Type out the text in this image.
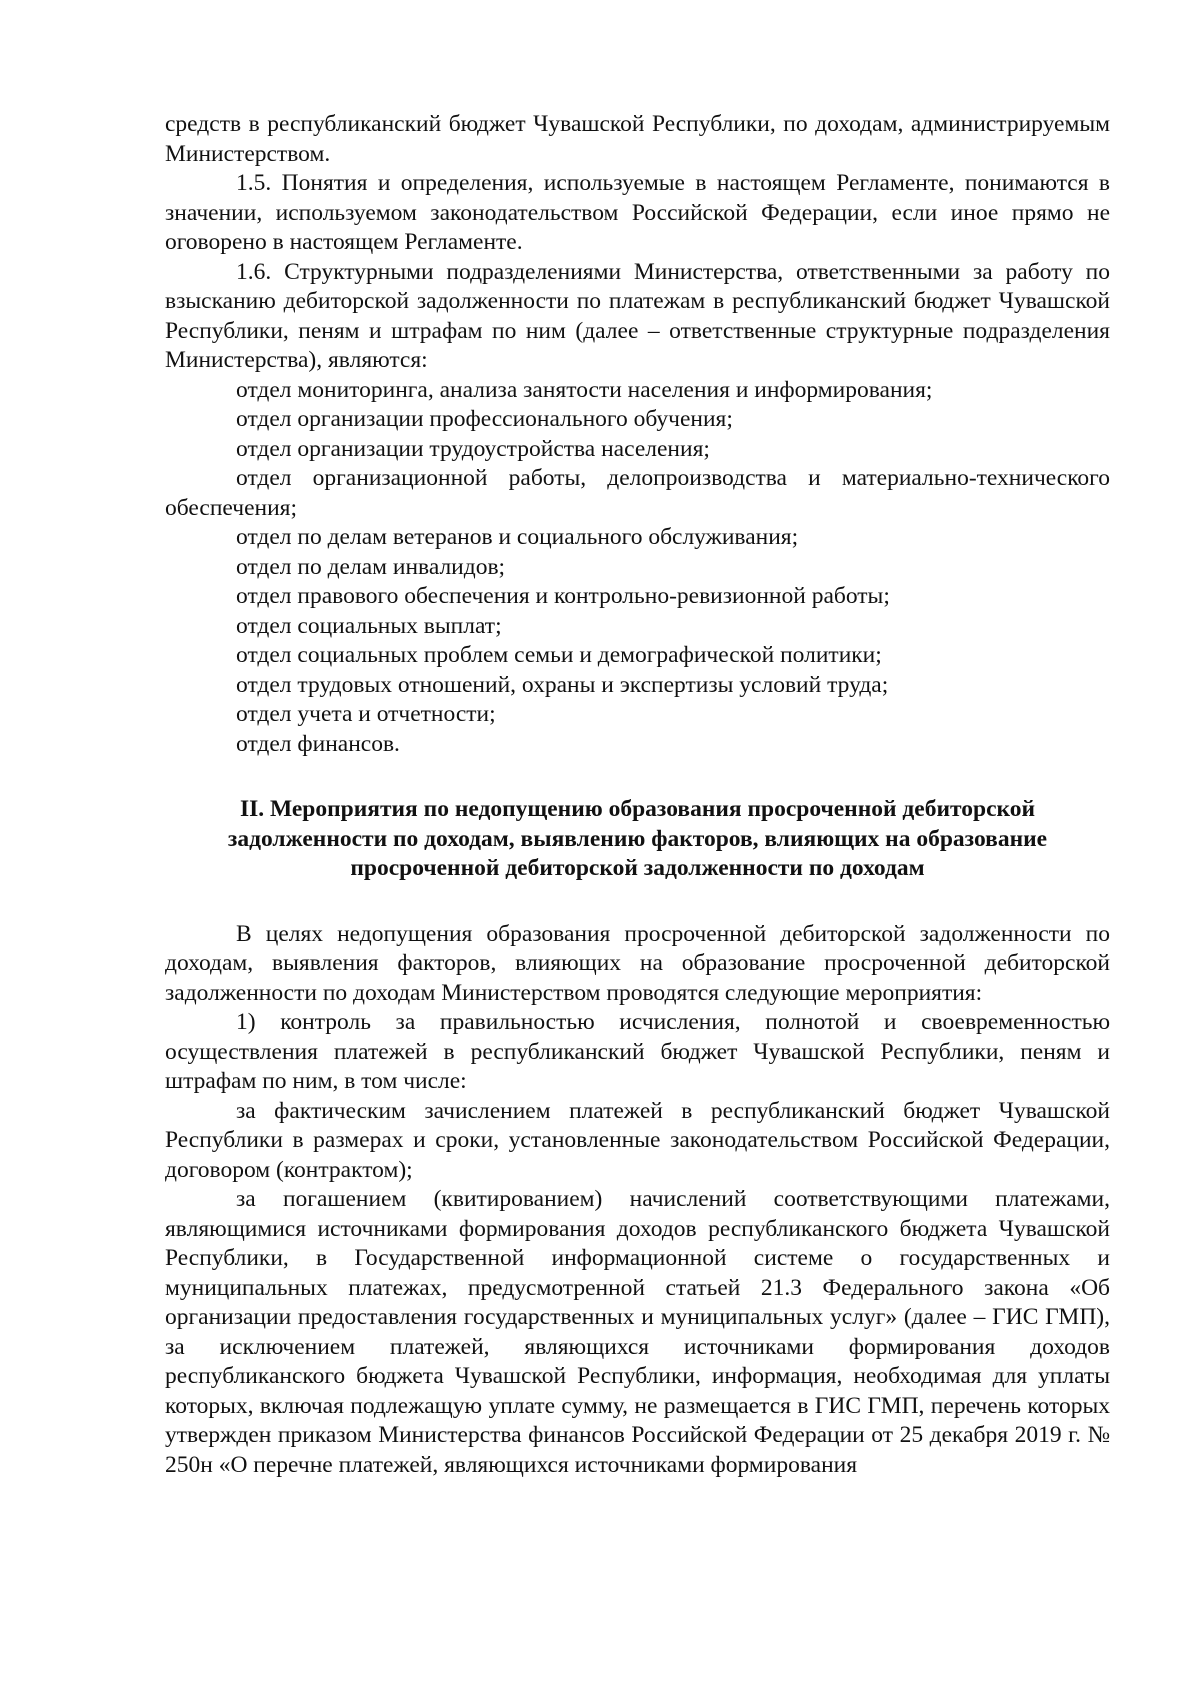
средств в республиканский бюджет Чувашской Республики, по доходам, администрируемым Министерством.

1.5. Понятия и определения, используемые в настоящем Регламенте, понимаются в значении, используемом законодательством Российской Федерации, если иное прямо не оговорено в настоящем Регламенте.

1.6. Структурными подразделениями Министерства, ответственными за работу по взысканию дебиторской задолженности по платежам в республиканский бюджет Чувашской Республики, пеням и штрафам по ним (далее – ответственные структурные подразделения Министерства), являются:

отдел мониторинга, анализа занятости населения и информирования;

отдел организации профессионального обучения;

отдел организации трудоустройства населения;

отдел организационной работы, делопроизводства и материально-технического обеспечения;

отдел по делам ветеранов и социального обслуживания;

отдел по делам инвалидов;

отдел правового обеспечения и контрольно-ревизионной работы;

отдел социальных выплат;

отдел социальных проблем семьи и демографической политики;

отдел трудовых отношений, охраны и экспертизы условий труда;

отдел учета и отчетности;

отдел финансов.

II. Мероприятия по недопущению образования просроченной дебиторской
задолженности по доходам, выявлению факторов, влияющих на образование
просроченной дебиторской задолженности по доходам

В целях недопущения образования просроченной дебиторской задолженности по доходам, выявления факторов, влияющих на образование просроченной дебиторской задолженности по доходам Министерством проводятся следующие мероприятия:

1) контроль за правильностью исчисления, полнотой и своевременностью осуществления платежей в республиканский бюджет Чувашской Республики, пеням и штрафам по ним, в том числе:

за фактическим зачислением платежей в республиканский бюджет Чувашской Республики в размерах и сроки, установленные законодательством Российской Федерации, договором (контрактом);

за погашением (квитированием) начислений соответствующими платежами, являющимися источниками формирования доходов республиканского бюджета Чувашской Республики, в Государственной информационной системе о государственных и муниципальных платежах, предусмотренной статьей 21.3 Федерального закона «Об организации предоставления государственных и муниципальных услуг» (далее – ГИС ГМП), за исключением платежей, являющихся источниками формирования доходов республиканского бюджета Чувашской Республики, информация, необходимая для уплаты которых, включая подлежащую уплате сумму, не размещается в ГИС ГМП, перечень которых утвержден приказом Министерства финансов Российской Федерации от 25 декабря 2019 г. № 250н «О перечне платежей, являющихся источниками формирования
